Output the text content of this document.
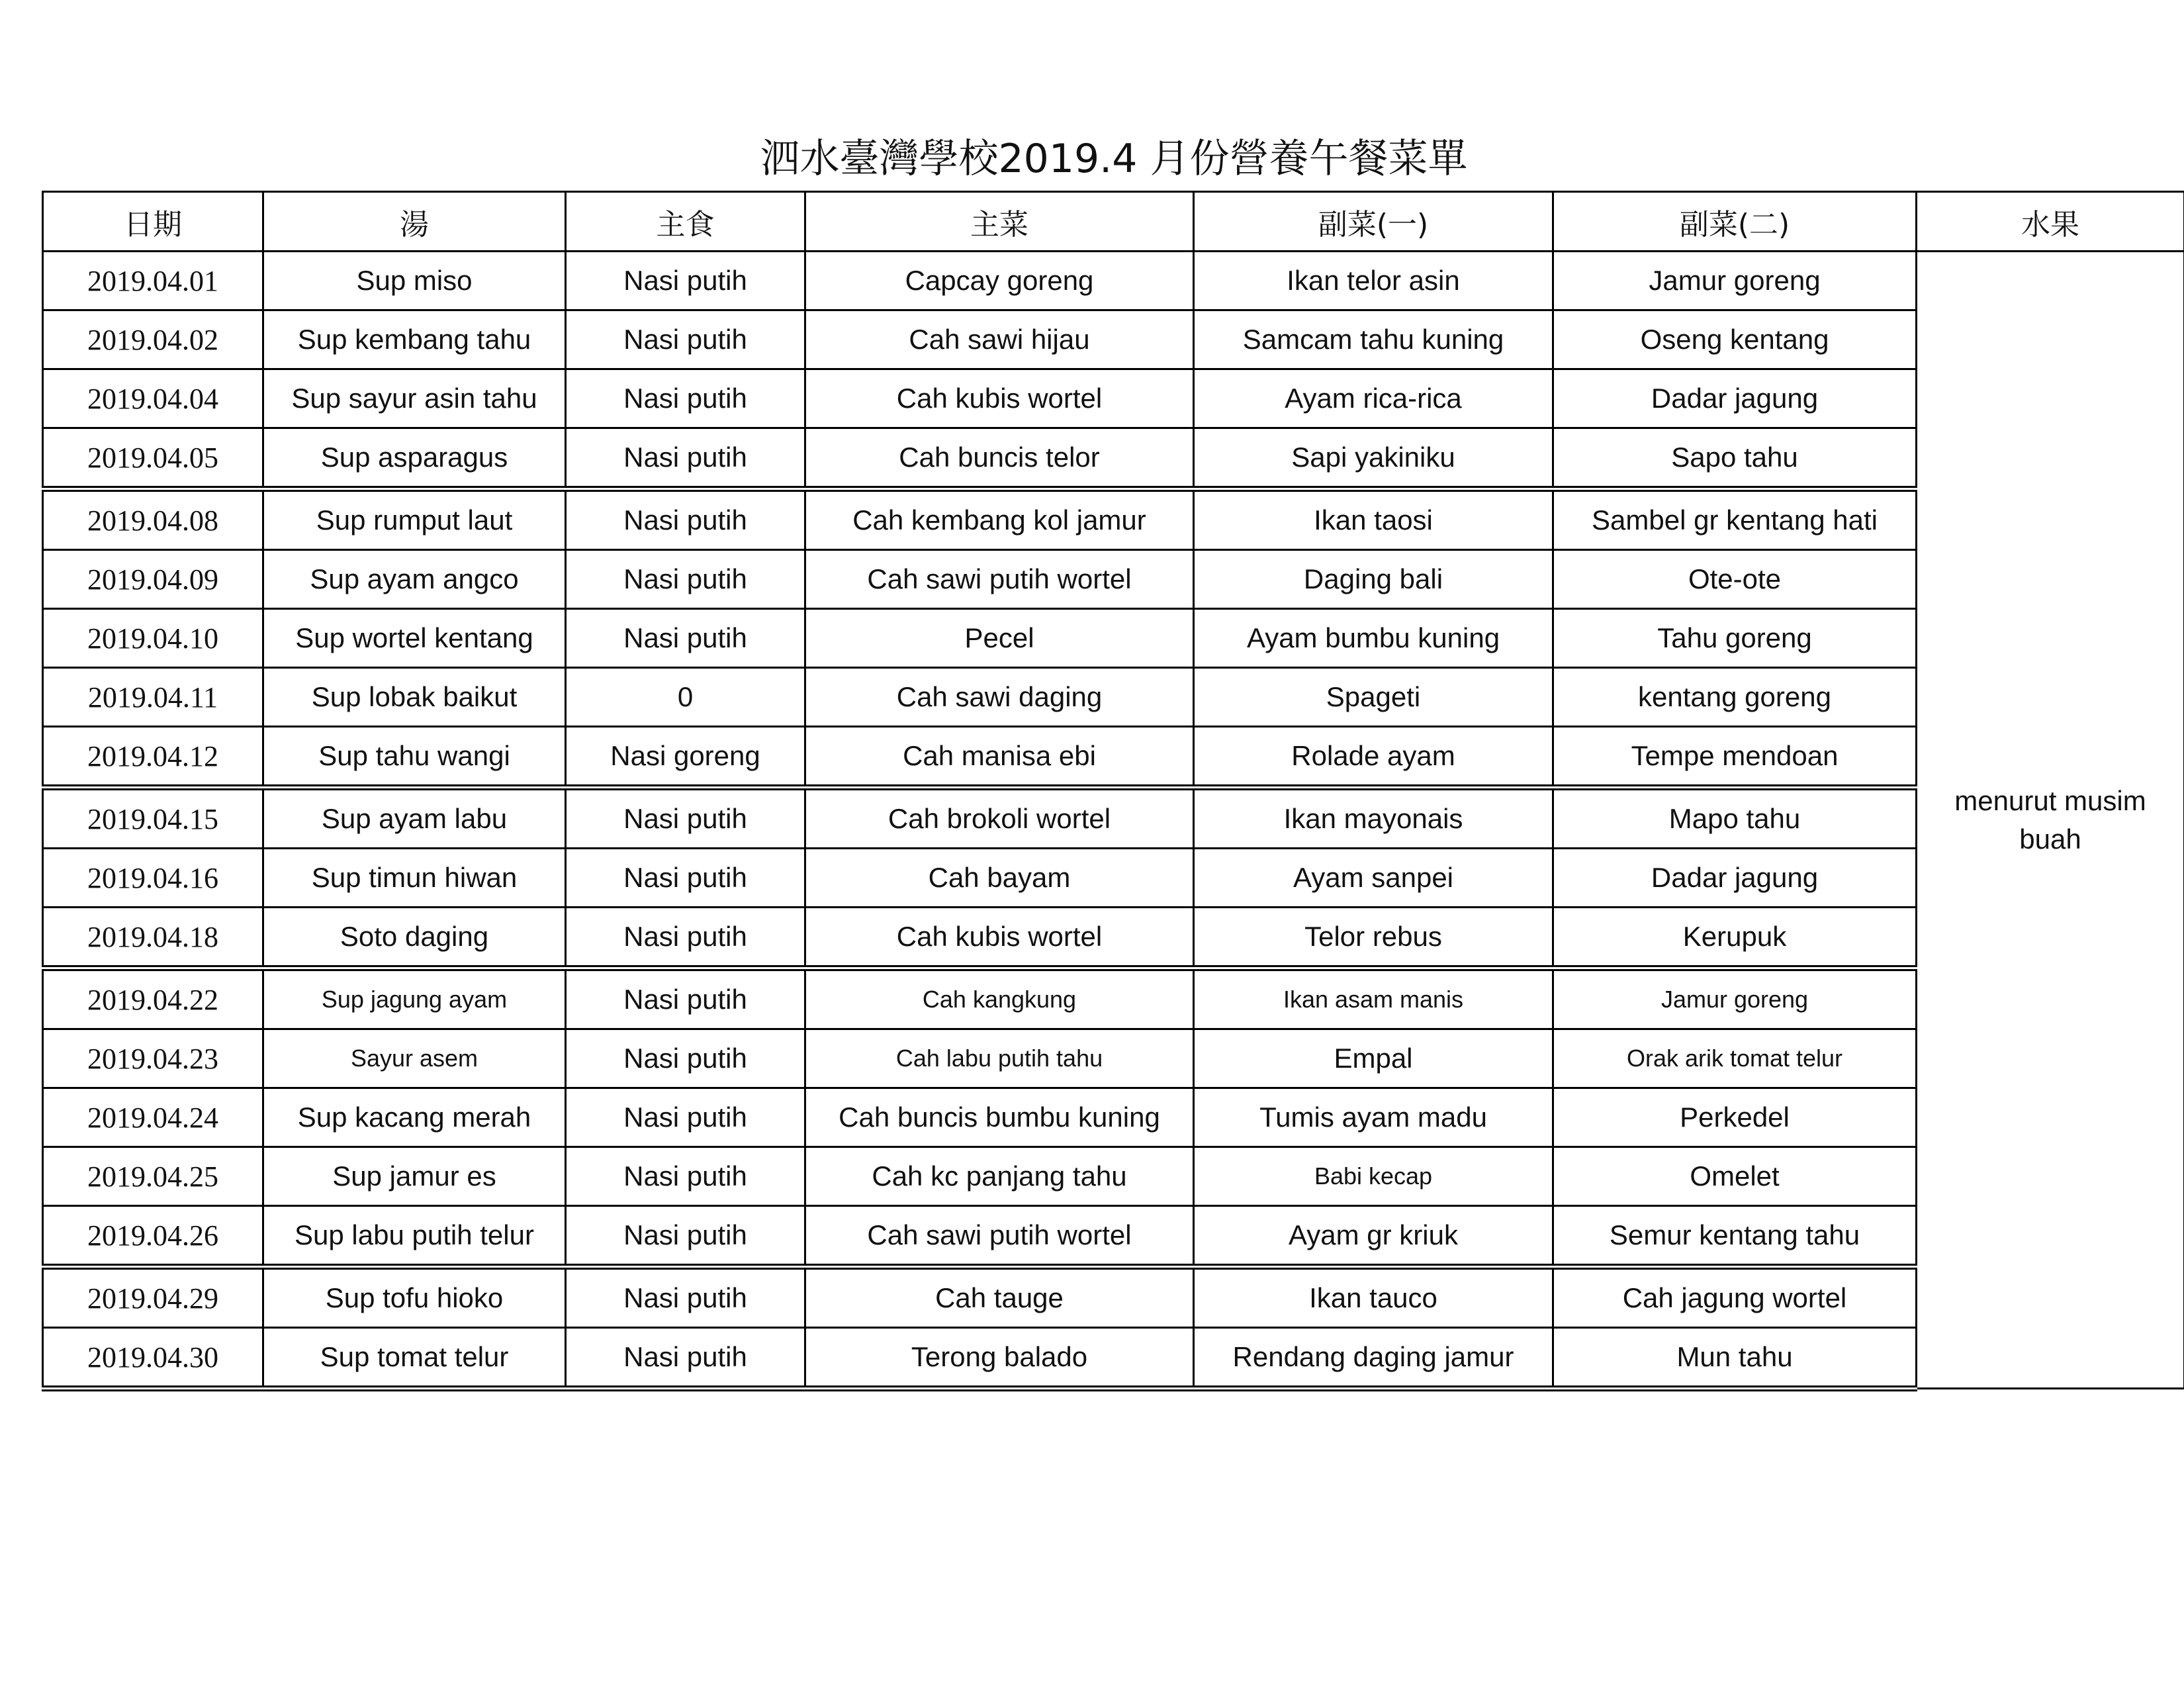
泗水臺灣學校2019.4 月份營養午餐菜單
日期	湯	主食	主菜	副菜(一)	副菜(二)	水果
2019.04.01	Sup miso	Nasi putih	Capcay goreng	Ikan telor asin	Jamur goreng	menurut musim buah
2019.04.02	Sup kembang tahu	Nasi putih	Cah sawi hijau	Samcam tahu kuning	Oseng kentang	
2019.04.04	Sup sayur asin tahu	Nasi putih	Cah kubis wortel	Ayam rica-rica	Dadar jagung	
2019.04.05	Sup asparagus	Nasi putih	Cah buncis telor	Sapi yakiniku	Sapo tahu	
2019.04.08	Sup rumput laut	Nasi putih	Cah kembang kol jamur	Ikan taosi	Sambel gr kentang hati	
2019.04.09	Sup ayam angco	Nasi putih	Cah sawi putih wortel	Daging bali	Ote-ote	
2019.04.10	Sup wortel kentang	Nasi putih	Pecel	Ayam bumbu kuning	Tahu goreng	
2019.04.11	Sup lobak baikut	0	Cah sawi daging	Spageti	kentang goreng	
2019.04.12	Sup tahu wangi	Nasi goreng	Cah manisa ebi	Rolade ayam	Tempe mendoan	
2019.04.15	Sup ayam labu	Nasi putih	Cah brokoli wortel	Ikan mayonais	Mapo tahu	
2019.04.16	Sup timun hiwan	Nasi putih	Cah bayam	Ayam sanpei	Dadar jagung	
2019.04.18	Soto daging	Nasi putih	Cah kubis wortel	Telor rebus	Kerupuk	
2019.04.22	Sup jagung ayam	Nasi putih	Cah kangkung	Ikan asam manis	Jamur goreng	
2019.04.23	Sayur asem	Nasi putih	Cah labu putih tahu	Empal	Orak arik tomat telur	
2019.04.24	Sup kacang merah	Nasi putih	Cah buncis bumbu kuning	Tumis ayam madu	Perkedel	
2019.04.25	Sup jamur es	Nasi putih	Cah kc panjang tahu	Babi kecap	Omelet	
2019.04.26	Sup labu putih telur	Nasi putih	Cah sawi putih wortel	Ayam gr kriuk	Semur kentang tahu	
2019.04.29	Sup tofu hioko	Nasi putih	Cah tauge	Ikan tauco	Cah jagung wortel	
2019.04.30	Sup tomat telur	Nasi putih	Terong balado	Rendang daging jamur	Mun tahu	
